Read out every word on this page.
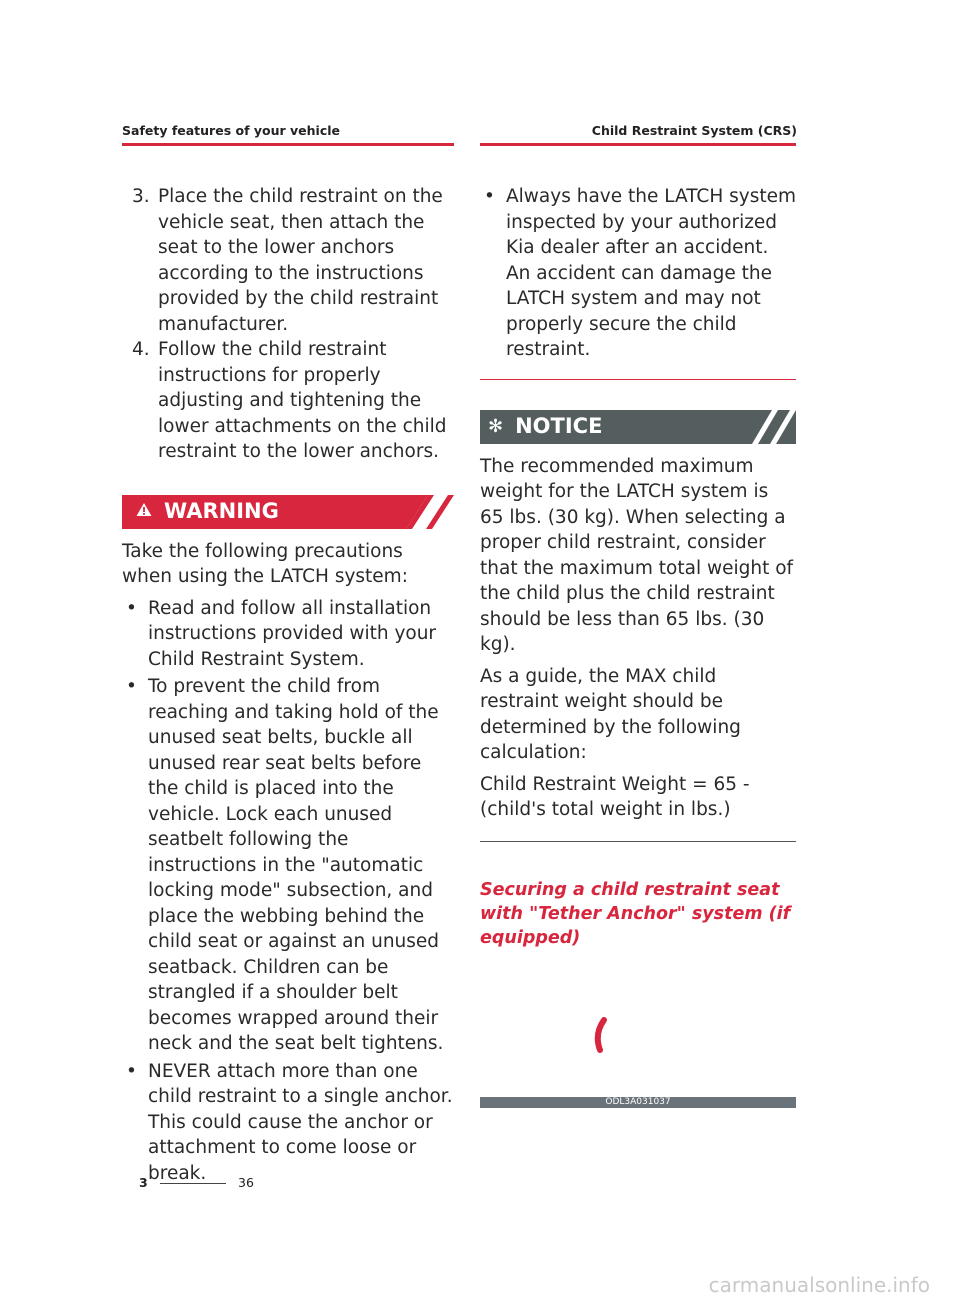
Safety features of your vehicle	Child Restraint System (CRS)
3. Place the child restraint on the vehicle seat, then attach the seat to the lower anchors according to the instructions provided by the child restraint manufacturer.
4. Follow the child restraint instructions for properly adjusting and tightening the lower attachments on the child restraint to the lower anchors.
WARNING

Take the following precautions when using the LATCH system:

• Read and follow all installation instructions provided with your Child Restraint System.
• To prevent the child from reaching and taking hold of the unused seat belts, buckle all unused rear seat belts before the child is placed into the vehicle. Lock each unused seatbelt following the instructions in the "automatic locking mode" subsection, and place the webbing behind the child seat or against an unused seatback. Children can be strangled if a shoulder belt becomes wrapped around their neck and the seat belt tightens.
• NEVER attach more than one child restraint to a single anchor. This could cause the anchor or attachment to come loose or break.
• Always have the LATCH system inspected by your authorized Kia dealer after an accident. An accident can damage the LATCH system and may not properly secure the child restraint.
✻ NOTICE

The recommended maximum weight for the LATCH system is 65 lbs. (30 kg). When selecting a proper child restraint, consider that the maximum total weight of the child plus the child restraint should be less than 65 lbs. (30 kg).

As a guide, the MAX child restraint weight should be determined by the following calculation:

Child Restraint Weight = 65 - (child's total weight in lbs.)

Securing a child restraint seat with "Tether Anchor" system (if equipped)
ODL3A031037
3	36
carmanualsonline.info
